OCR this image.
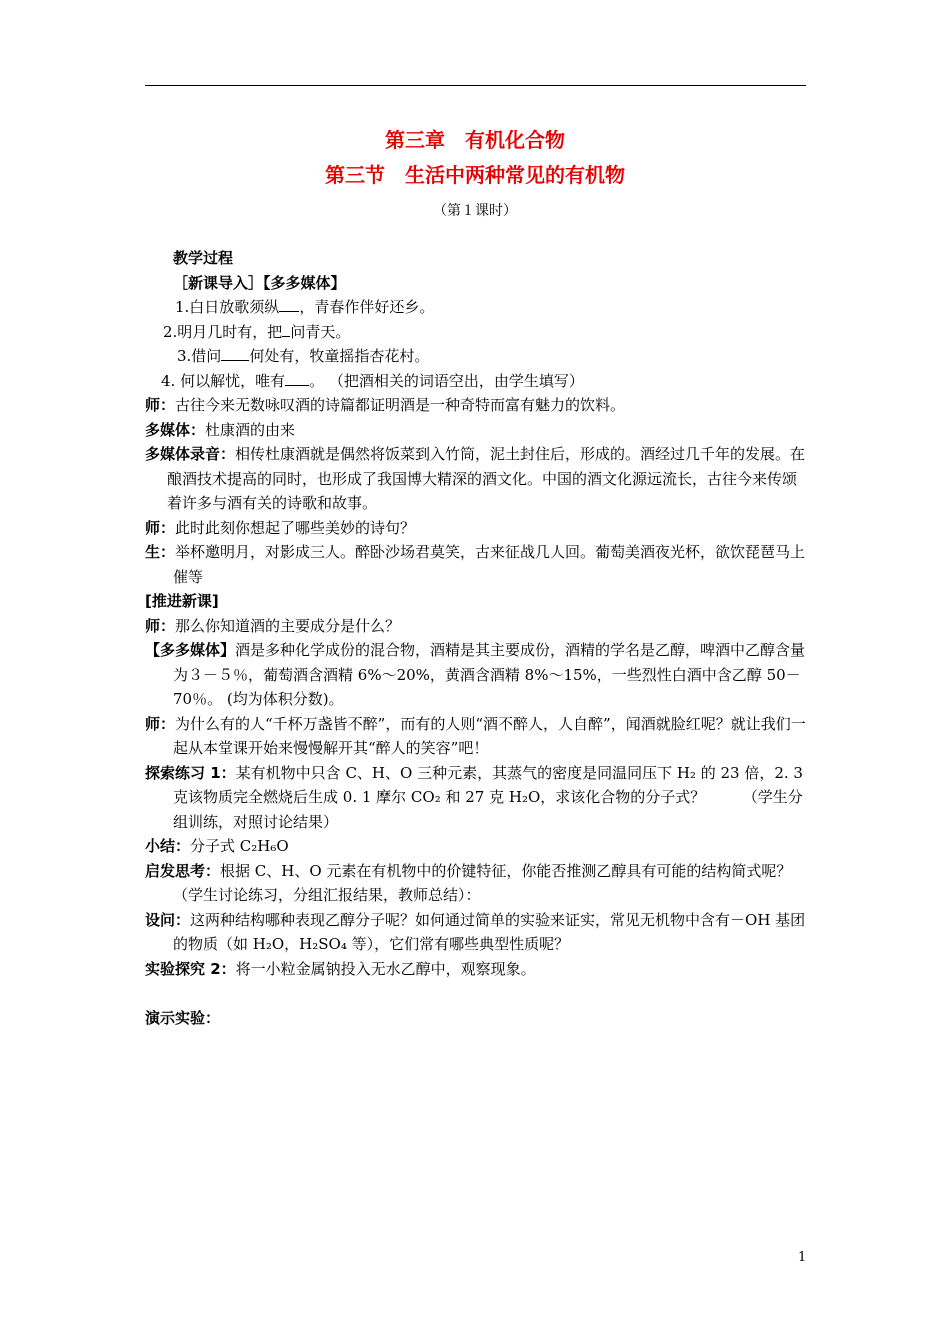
第三章　有机化合物
第三节　生活中两种常见的有机物
（第１课时）

教学过程

［新课导入］【多多媒体】

1.白日放歌须纵 ，青春作伴好还乡。

2.明月几时有，把 问青天。

3.借问 何处有，牧童摇指杏花村。

4. 何以解忧，唯有 。 （把酒相关的词语空出，由学生填写）

师：古往今来无数咏叹酒的诗篇都证明酒是一种奇特而富有魅力的饮料。

多媒体：杜康酒的由来

多媒体录音：相传杜康酒就是偶然将饭菜到入竹筒，泥土封住后，形成的。酒经过几千年的发展。在酿酒技术提高的同时，也形成了我国博大精深的酒文化。中国的酒文化源远流长，古往今来传颂着许多与酒有关的诗歌和故事。

师：此时此刻你想起了哪些美妙的诗句？

生：举杯邀明月，对影成三人。醉卧沙场君莫笑，古来征战几人回。葡萄美酒夜光杯，欲饮琵琶马上催等

[推进新课]

师：那么你知道酒的主要成分是什么？

【多多媒体】酒是多种化学成份的混合物，酒精是其主要成份，酒精的学名是乙醇，啤酒中乙醇含量为３－５％，葡萄酒含酒精 6%～20%，黄酒含酒精 8%～15%，一些烈性白酒中含乙醇 50－70％。 (均为体积分数)。

师：为什么有的人“千杯万盏皆不醉”，而有的人则“酒不醉人，人自醉”，闻酒就脸红呢？就让我们一起从本堂课开始来慢慢解开其“醉人的笑容”吧！

探索练习 1：某有机物中只含 C、H、O 三种元素，其蒸气的密度是同温同压下 H₂ 的 23 倍，2. 3 克该物质完全燃烧后生成 0. 1 摩尔 CO₂ 和 27 克 H₂O，求该化合物的分子式？　　　（学生分组训练，对照讨论结果）

小结：分子式 C₂H₆O

启发思考：根据 C、H、O 元素在有机物中的价键特征，你能否推测乙醇具有可能的结构简式呢？（学生讨论练习，分组汇报结果，教师总结）：

设问：这两种结构哪种表现乙醇分子呢？如何通过简单的实验来证实，常见无机物中含有－OH 基团的物质（如 H₂O，H₂SO₄ 等），它们常有哪些典型性质呢？

实验探究 2：将一小粒金属钠投入无水乙醇中，观察现象。

演示实验：

1
